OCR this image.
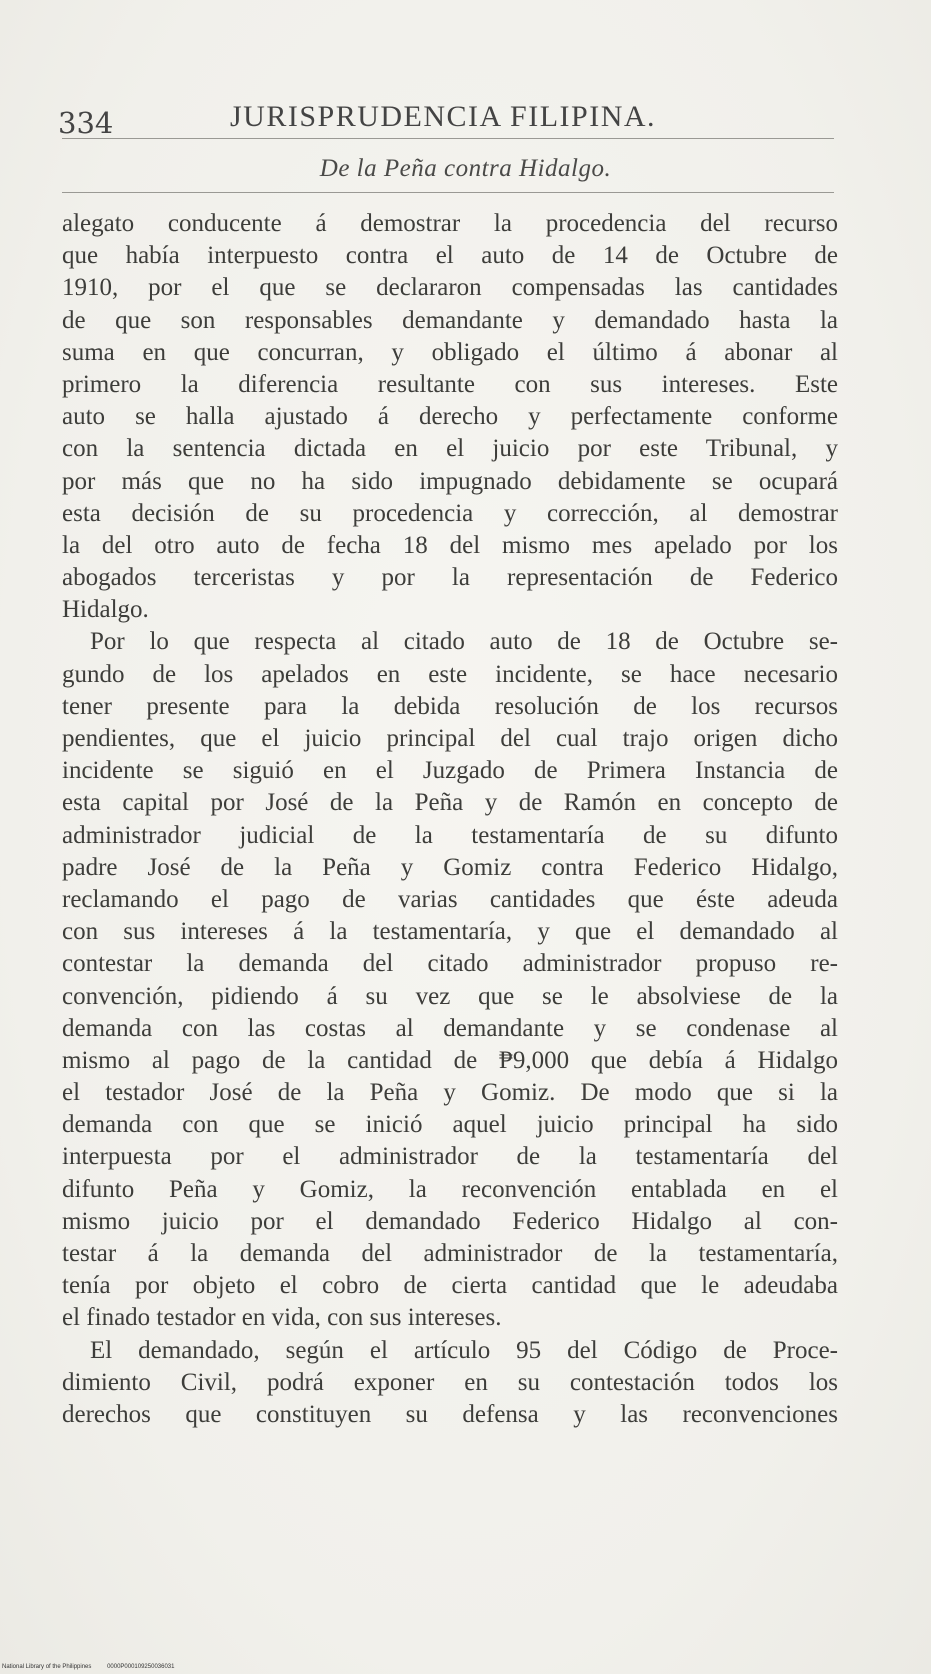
334	JURISPRUDENCIA FILIPINA.
De la Peña contra Hidalgo.
alegato conducente á demostrar la procedencia del recurso
que había interpuesto contra el auto de 14 de Octubre de
1910, por el que se declararon compensadas las cantidades
de que son responsables demandante y demandado hasta la
suma en que concurran, y obligado el último á abonar al
primero la diferencia resultante con sus intereses. Este
auto se halla ajustado á derecho y perfectamente conforme
con la sentencia dictada en el juicio por este Tribunal, y
por más que no ha sido impugnado debidamente se ocupará
esta decisión de su procedencia y corrección, al demostrar
la del otro auto de fecha 18 del mismo mes apelado por los
abogados terceristas y por la representación de Federico
Hidalgo.
Por lo que respecta al citado auto de 18 de Octubre se-
gundo de los apelados en este incidente, se hace necesario
tener presente para la debida resolución de los recursos
pendientes, que el juicio principal del cual trajo origen dicho
incidente se siguió en el Juzgado de Primera Instancia de
esta capital por José de la Peña y de Ramón en concepto de
administrador judicial de la testamentaría de su difunto
padre José de la Peña y Gomiz contra Federico Hidalgo,
reclamando el pago de varias cantidades que éste adeuda
con sus intereses á la testamentaría, y que el demandado al
contestar la demanda del citado administrador propuso re-
convención, pidiendo á su vez que se le absolviese de la
demanda con las costas al demandante y se condenase al
mismo al pago de la cantidad de ₱9,000 que debía á Hidalgo
el testador José de la Peña y Gomiz. De modo que si la
demanda con que se inició aquel juicio principal ha sido
interpuesta por el administrador de la testamentaría del
difunto Peña y Gomiz, la reconvención entablada en el
mismo juicio por el demandado Federico Hidalgo al con-
testar á la demanda del administrador de la testamentaría,
tenía por objeto el cobro de cierta cantidad que le adeudaba
el finado testador en vida, con sus intereses.
El demandado, según el artículo 95 del Código de Proce-
dimiento Civil, podrá exponer en su contestación todos los
derechos que constituyen su defensa y las reconvenciones
National Library of the Philippines	0000P000109250036031
